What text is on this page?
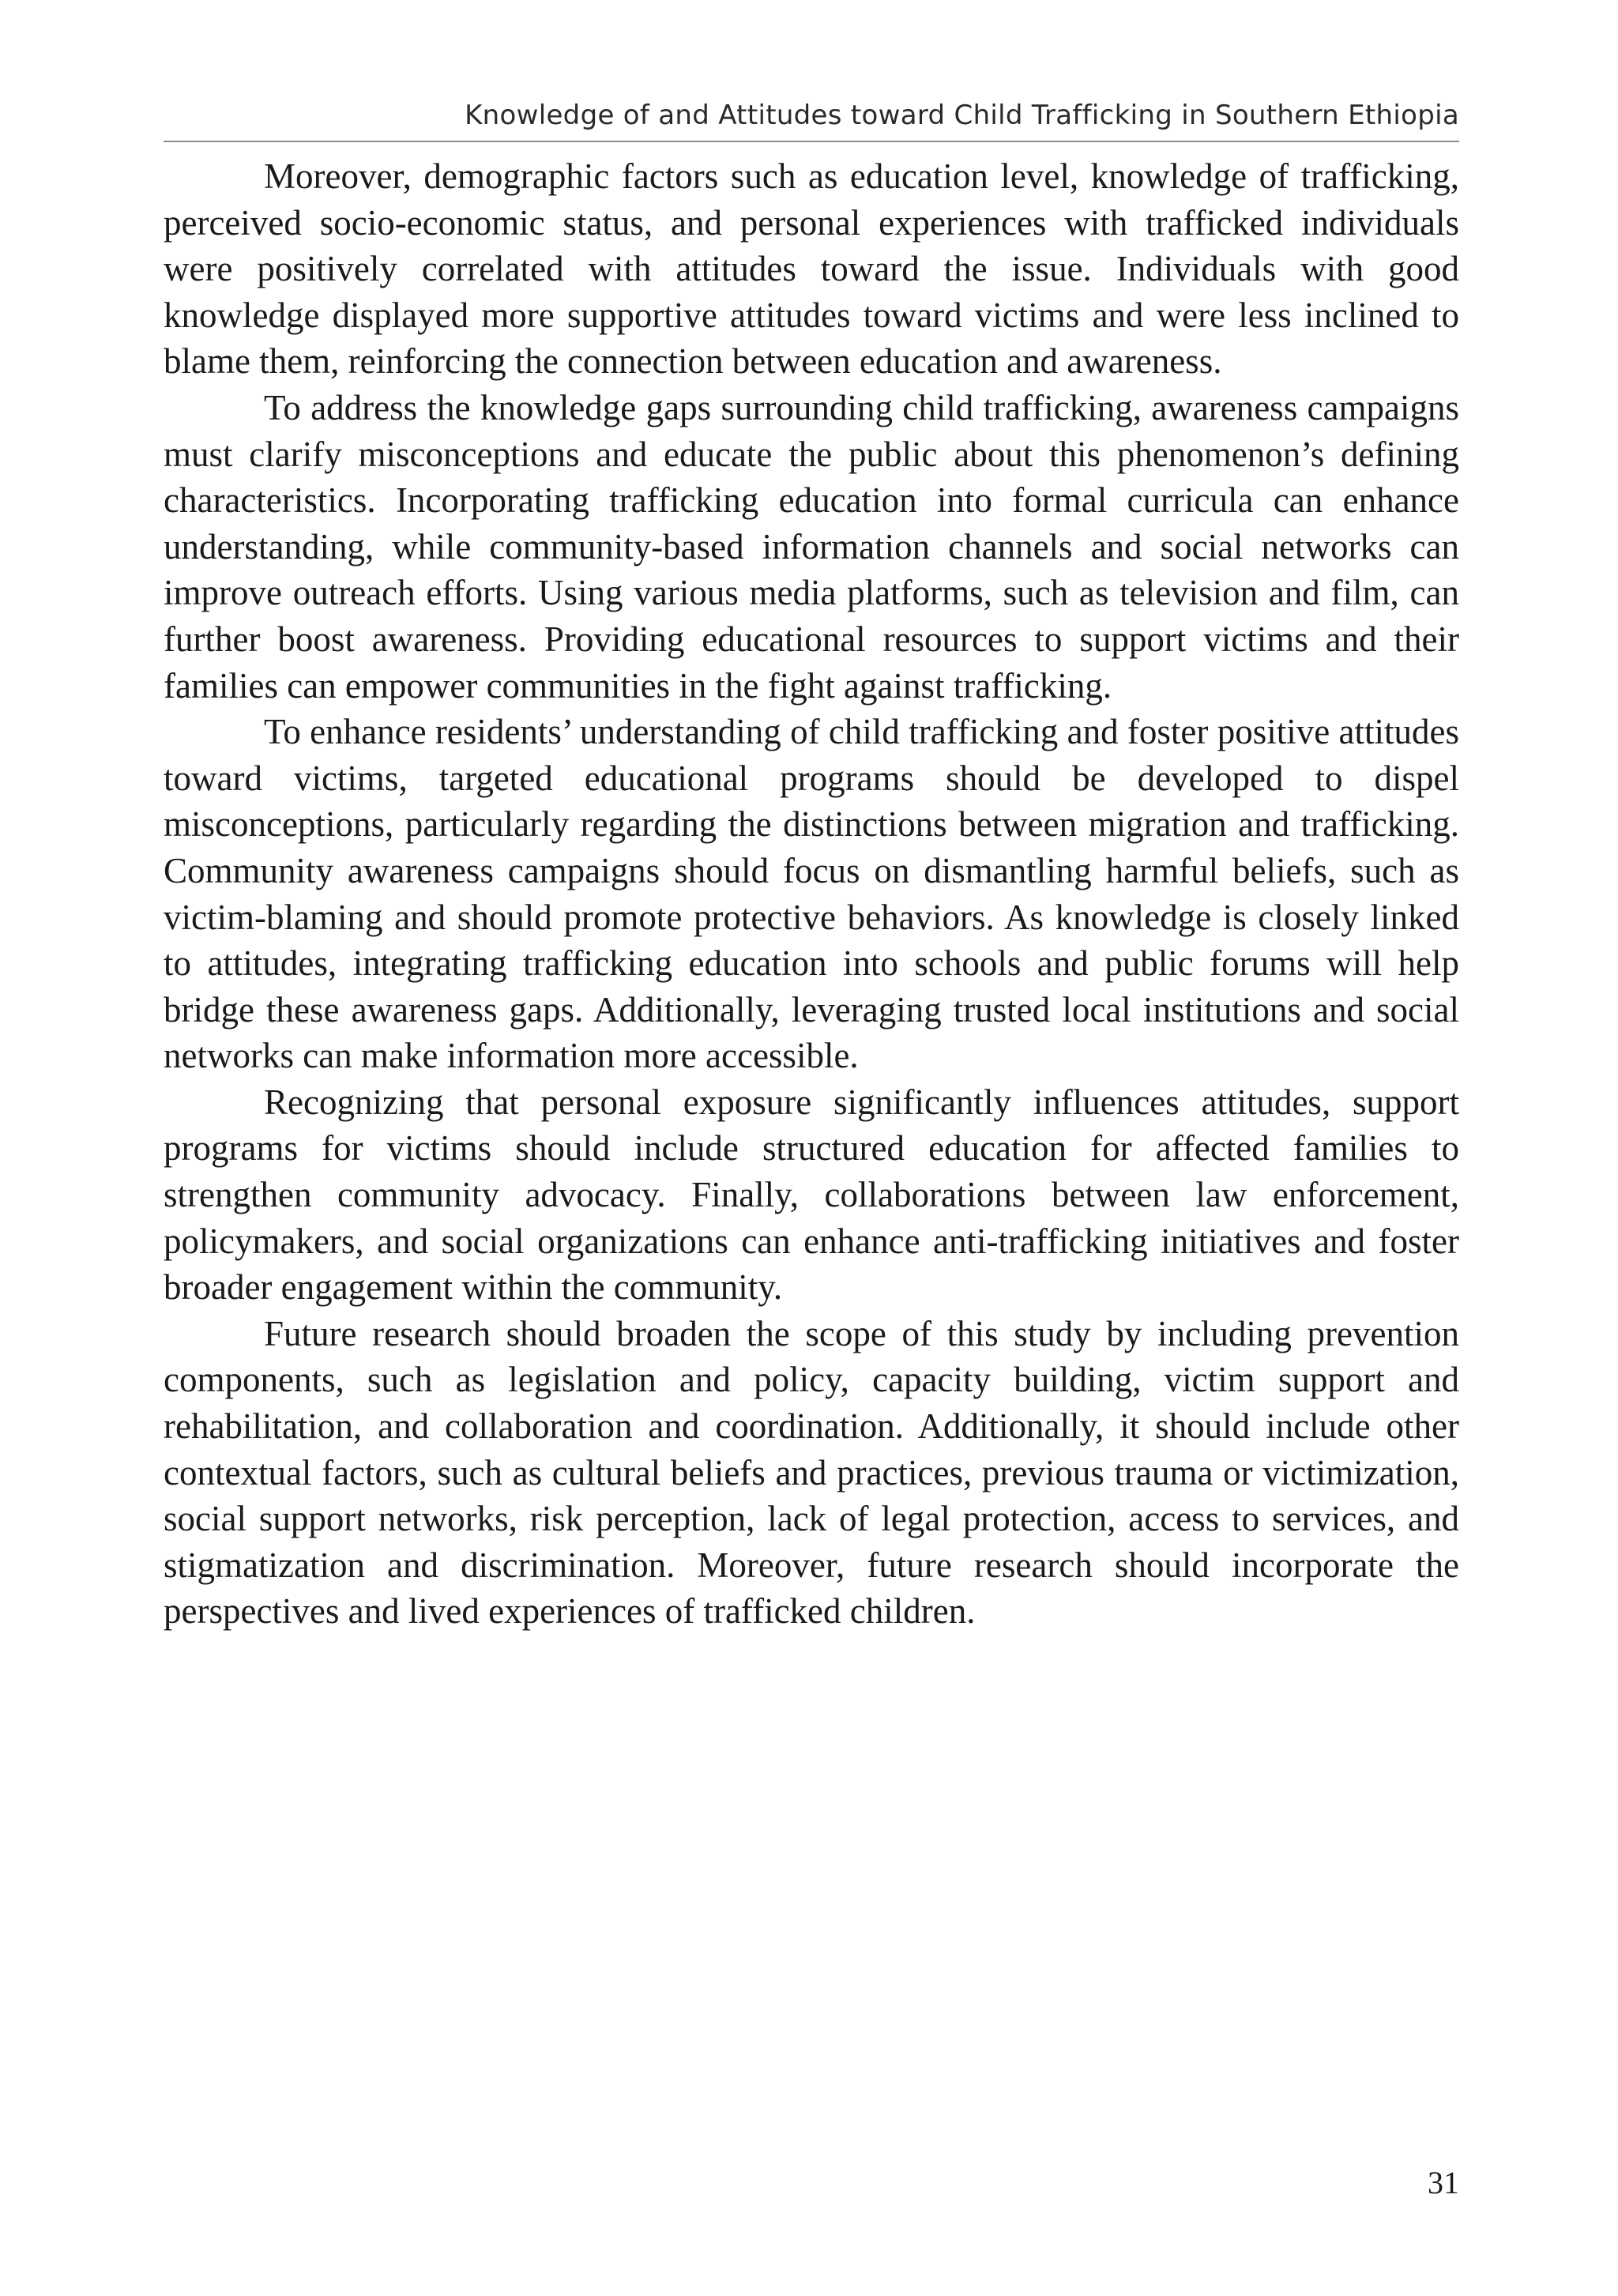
Knowledge of and Attitudes toward Child Trafficking in Southern Ethiopia

Moreover, demographic factors such as education level, knowledge of trafficking, perceived socio-economic status, and personal experiences with trafficked individuals were positively correlated with attitudes toward the issue. Individuals with good knowledge displayed more supportive attitudes toward victims and were less inclined to blame them, reinforcing the connection between education and awareness.

To address the knowledge gaps surrounding child trafficking, awareness campaigns must clarify misconceptions and educate the public about this phenomenon’s defining characteristics. Incorporating trafficking education into formal curricula can enhance understanding, while community-based information channels and social networks can improve outreach efforts. Using various media platforms, such as television and film, can further boost awareness. Providing educational resources to support victims and their families can empower communities in the fight against trafficking.

To enhance residents’ understanding of child trafficking and foster positive attitudes toward victims, targeted educational programs should be developed to dispel misconceptions, particularly regarding the distinctions between migration and trafficking. Community awareness campaigns should focus on dismantling harmful beliefs, such as victim-blaming and should promote protective behaviors. As knowledge is closely linked to attitudes, integrating trafficking education into schools and public forums will help bridge these awareness gaps. Additionally, leveraging trusted local institutions and social networks can make information more accessible.

Recognizing that personal exposure significantly influences attitudes, support programs for victims should include structured education for affected families to strengthen community advocacy. Finally, collaborations between law enforcement, policymakers, and social organizations can enhance anti-trafficking initiatives and foster broader engagement within the community.

Future research should broaden the scope of this study by including prevention components, such as legislation and policy, capacity building, victim support and rehabilitation, and collaboration and coordination. Additionally, it should include other contextual factors, such as cultural beliefs and practices, previous trauma or victimization, social support networks, risk perception, lack of legal protection, access to services, and stigmatization and discrimination. Moreover, future research should incorporate the perspectives and lived experiences of trafficked children.

31
